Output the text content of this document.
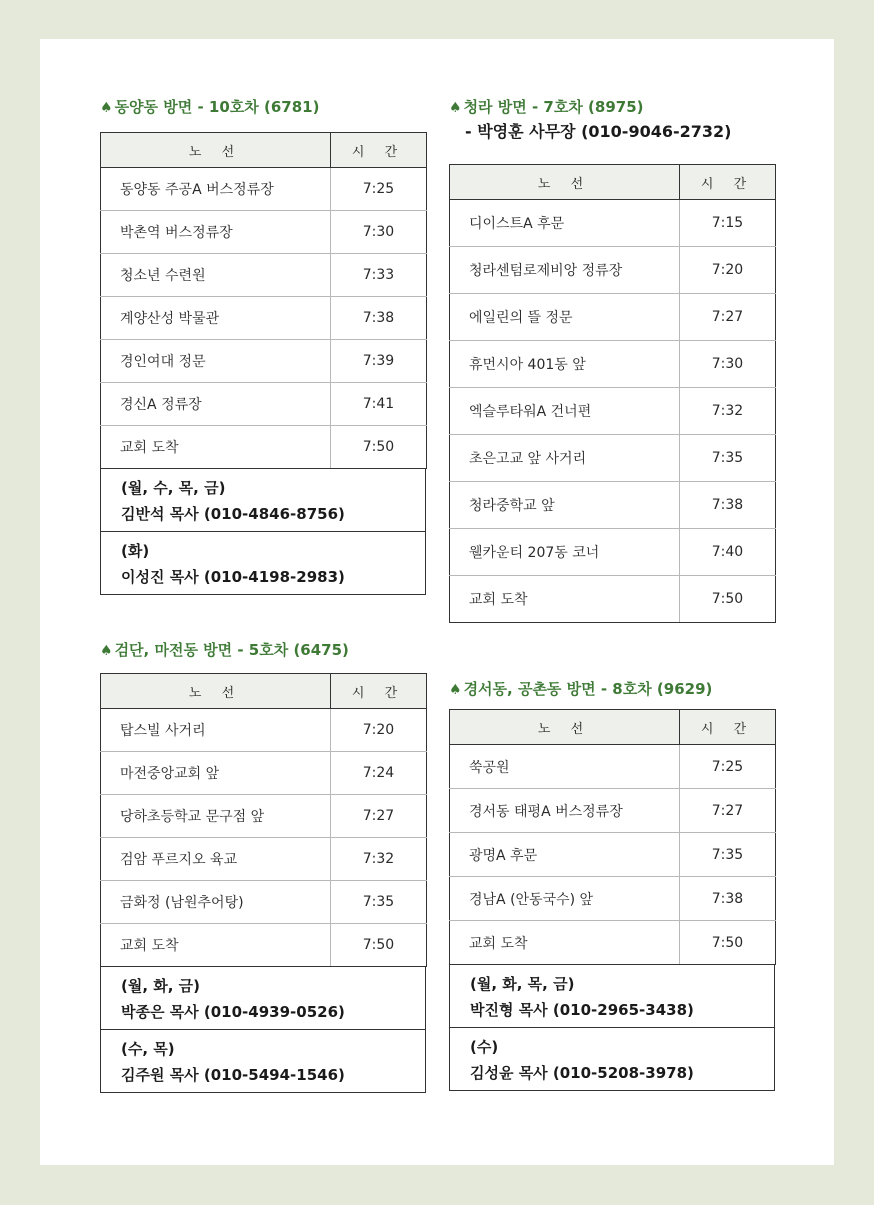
♠ 동양동 방면 - 10호차 (6781)
노 선	시 간
동양동 주공A 버스정류장	7:25
박촌역 버스정류장	7:30
청소년 수련원	7:33
계양산성 박물관	7:38
경인여대 정문	7:39
경신A 정류장	7:41
교회 도착	7:50
(월, 수, 목, 금)
김반석 목사 (010-4846-8756)
(화)
이성진 목사 (010-4198-2983)
♠ 청라 방면 - 7호차 (8975)
- 박영훈 사무장 (010-9046-2732)
노 선	시 간
디이스트A 후문	7:15
청라센텀로제비앙 정류장	7:20
에일린의 뜰 정문	7:27
휴먼시아 401동 앞	7:30
엑슬루타워A 건너편	7:32
초은고교 앞 사거리	7:35
청라중학교 앞	7:38
웰카운티 207동 코너	7:40
교회 도착	7:50
♠ 검단, 마전동 방면 - 5호차 (6475)
노 선	시 간
탑스빌 사거리	7:20
마전중앙교회 앞	7:24
당하초등학교 문구점 앞	7:27
검암 푸르지오 육교	7:32
금화정 (남원추어탕)	7:35
교회 도착	7:50
(월, 화, 금)
박종은 목사 (010-4939-0526)
(수, 목)
김주원 목사 (010-5494-1546)
♠ 경서동, 공촌동 방면 - 8호차 (9629)
노 선	시 간
쑥공원	7:25
경서동 태평A 버스정류장	7:27
광명A 후문	7:35
경남A (안동국수) 앞	7:38
교회 도착	7:50
(월, 화, 목, 금)
박진형 목사 (010-2965-3438)
(수)
김성윤 목사 (010-5208-3978)
